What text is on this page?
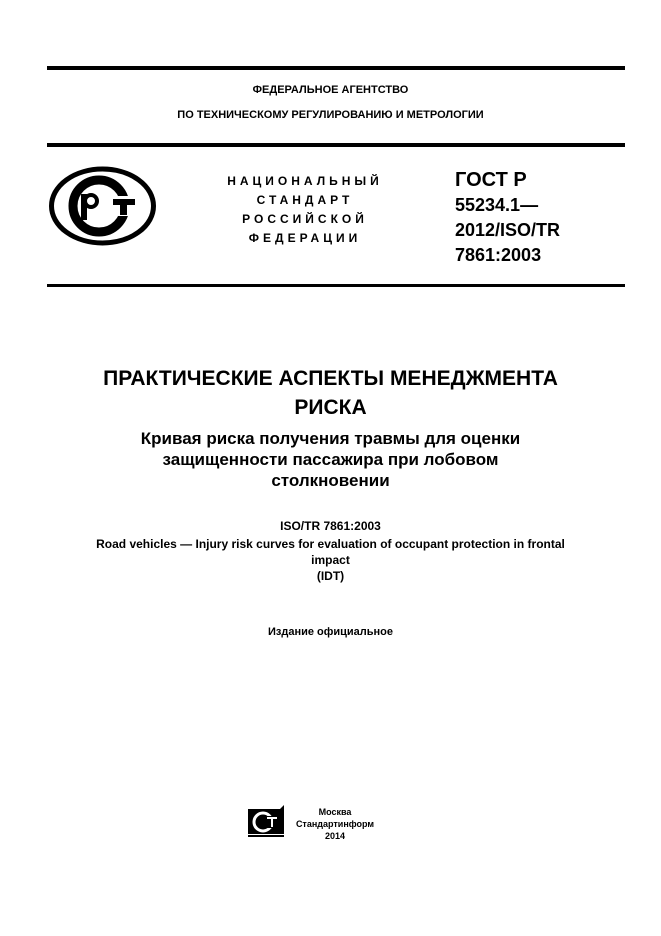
ФЕДЕРАЛЬНОЕ АГЕНТСТВО
ПО ТЕХНИЧЕСКОМУ РЕГУЛИРОВАНИЮ И МЕТРОЛОГИИ
НАЦИОНАЛЬНЫЙ
СТАНДАРТ
РОССИЙСКОЙ
ФЕДЕРАЦИИ
ГОСТ Р
55234.1—
2012/ISO/TR
7861:2003
ПРАКТИЧЕСКИЕ АСПЕКТЫ МЕНЕДЖМЕНТА
РИСКА
Кривая риска получения травмы для оценки
защищенности пассажира при лобовом
столкновении
ISO/TR 7861:2003
Road vehicles — Injury risk curves for evaluation of occupant protection in frontal
impact
(IDT)
Издание официальное
Москва
Стандартинформ
2014
